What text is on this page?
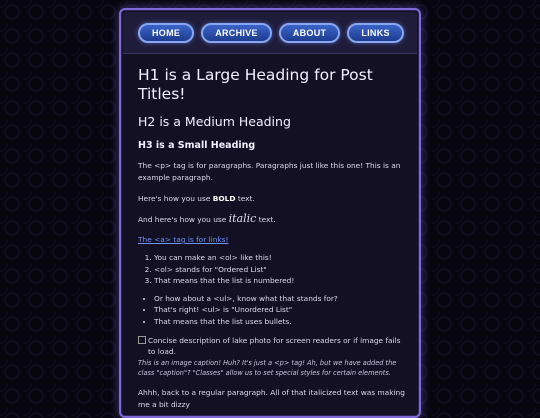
HOME	ARCHIVE	ABOUT	LINKS
H1 is a Large Heading for Post Titles!
H2 is a Medium Heading
H3 is a Small Heading

The <p> tag is for paragraphs. Paragraphs just like this one! This is an example paragraph.

Here's how you use BOLD text.

And here's how you use italic text.

The <a> tag is for links!

1. You can make an <ol> like this!
2. <ol> stands for "Ordered List"
3. That means that the list is numbered!
• Or how about a <ul>, know what that stands for?
• That's right! <ul> is "Unordered List"
• That means that the list uses bullets.
Concise description of lake photo for screen readers or if image fails to load.

This is an image caption! Huh? It's just a <p> tag! Ah, but we have added the class "caption"? "Classes" allow us to set special styles for certain elements.

Ahhh, back to a regular paragraph. All of that italicized text was making me a bit dizzy
